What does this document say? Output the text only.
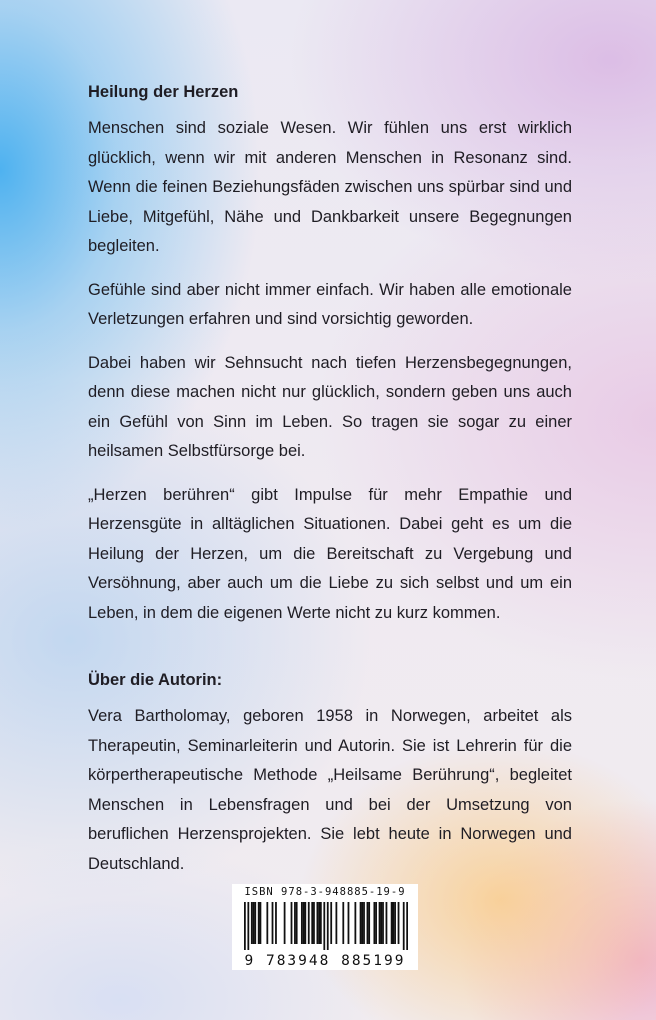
Heilung der Herzen

Menschen sind soziale Wesen. Wir fühlen uns erst wirklich glücklich, wenn wir mit anderen Menschen in Resonanz sind. Wenn die feinen Beziehungsfäden zwischen uns spürbar sind und Liebe, Mitgefühl, Nähe und Dankbarkeit unsere Begegnungen begleiten.

Gefühle sind aber nicht immer einfach. Wir haben alle emotionale Verletzungen erfahren und sind vorsichtig geworden.

Dabei haben wir Sehnsucht nach tiefen Herzensbegegnungen, denn diese machen nicht nur glücklich, sondern geben uns auch ein Gefühl von Sinn im Leben. So tragen sie sogar zu einer heilsamen Selbstfürsorge bei.

„Herzen berühren“ gibt Impulse für mehr Empathie und Herzensgüte in alltäglichen Situationen. Dabei geht es um die Heilung der Herzen, um die Bereitschaft zu Vergebung und Versöhnung, aber auch um die Liebe zu sich selbst und um ein Leben, in dem die eigenen Werte nicht zu kurz kommen.

Über die Autorin:

Vera Bartholomay, geboren 1958 in Norwegen, arbeitet als Therapeutin, Seminarleiterin und Autorin. Sie ist Lehrerin für die körpertherapeutische Methode „Heilsame Berührung“, begleitet Menschen in Lebensfragen und bei der Umsetzung von beruflichen Herzensprojekten. Sie lebt heute in Norwegen und Deutschland.

ISBN 978-3-948885-19-9
9 783948 885199
